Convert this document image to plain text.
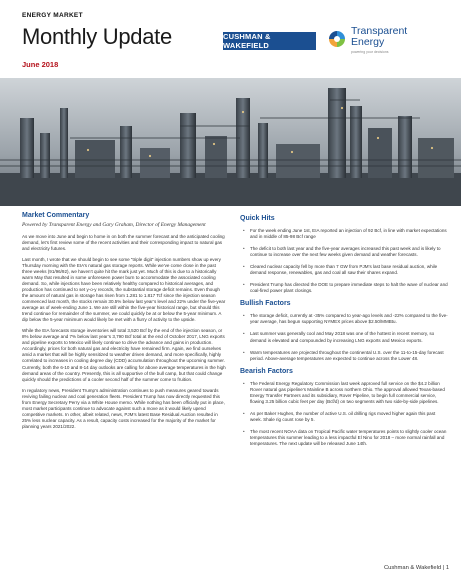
ENERGY MARKET
Monthly Update
June 2018
CUSHMAN & WAKEFIELD
Transparent
Energy
powering your decisions
Market Commentary
Powered by Transparent Energy and Gary Graham, Director of Energy Management

As we move into June and begin to home in on both the summer forecast and the anticipated cooling demand, let’s first review some of the recent activities and their corresponding impact to natural gas and electricity futures.

Last month, I wrote that we should begin to see some “triple digit” injection numbers show up every Thursday morning with the EIA’s natural gas storage reports. While we’ve come close in the past three weeks (91/96/92), we haven’t quite hit the mark just yet. Much of this is due to a historically warm May that resulted in some unforeseen power burn to accommodate the associated cooling demand. So, while injections have been relatively healthy compared to historical averages, and production has continued to set y-o-y records, the substantial storage deficit remains. Even though the amount of natural gas in storage has risen from 1.281 to 1.817 Tcf since the injection season commenced last month, the stocks remain 30.5% below last year’s level and 22% under the five-year average as of week-ending June 1. We are still within the five-year historical range, but should this trend continue for remainder of the summer, we could quickly be at or below the 5-year minimum. A dip below the 5-year minimum would likely be met with a flurry of activity to the upside.

While the EIA forecasts storage inventories will total 3,520 Bcf by the end of the injection season, or 8% below average and 7% below last year’s 3,790 Bcf total at the end of October 2017, LNG exports and pipeline exports to Mexico will likely continue to drive the advance and gains in production. Accordingly, prices for both natural gas and electricity have remained firm. Again, we find ourselves amid a market that will be highly sensitized to weather driven demand, and more specifically, highly correlated to increases in cooling degree day (CDD) accumulation throughout the upcoming summer. Currently, both the 6-10 and 8-14 day outlooks are calling for above average temperatures in the high demand areas of the country. Presently, this is all supportive of the bull camp, but that could change quickly should the predictions of a cooler second half of the summer come to fruition.

In regulatory news, President Trump’s administration continues to push measures geared towards reviving failing nuclear and coal generation fleets. President Trump has now directly requested this from Energy Secretary Perry via a White House memo. While nothing has been officially put in place, most market participants continue to advocate against such a move as it would likely upend competitive markets. In other, albeit related, news, PJM’s latest Base Residual Auction resulted in 25% less nuclear capacity. As a result, capacity costs increased for the majority of the market for planning years 2021/2022.

Quick Hits
• For the week ending June 1st, EIA reported an injection of 92 Bcf, in line with market expectations and in middle of 85-98 Bcf range
• The deficit to both last year and the five-year averages increased this past week and is likely to continue to increase over the next few weeks given demand and weather forecasts.
• Cleared nuclear capacity fell by more than 7 GW from PJM’s last base residual auction, while demand response, renewables, gas and coal all saw their shares expand.
• President Trump has directed the DOE to prepare immediate steps to halt the wave of nuclear and coal-fired power plant closings.
Bullish Factors
• The storage deficit, currently at -35% compared to year-ago levels and -22% compared to the five-year average, has begun supporting NYMEX prices above $2.50/MMBtu.
• Last summer was generally cool and May 2018 was one of the hottest in recent memory, so demand is elevated and compounded by increasing LNG exports and Mexico exports.
• Warm temperatures are projected throughout the continental U.S. over the 11-to-15-day forecast period. Above-average temperatures are expected to continue across the Lower 48.
Bearish Factors
• The Federal Energy Regulatory Commission last week approved full service on the $4.2 billion Rover natural gas pipeline’s Mainline B across northern Ohio. The approval allowed Texas-based Energy Transfer Partners and its subsidiary, Rover Pipeline, to begin full commercial service, flowing 3.25 billion cubic feet per day (Bcf/d) on two segments with two side-by-side pipelines.
• As per Baker Hughes, the number of active U.S. oil drilling rigs moved higher again this past week. Shale rig count rose by 5.
• The most recent NOAA data on Tropical Pacific water temperatures points to slightly cooler ocean temperatures this summer leading to a less impactful El Nino for 2018 – more normal rainfall and temperatures. The next update will be released June 14th.
Cushman & Wakefield | 1
